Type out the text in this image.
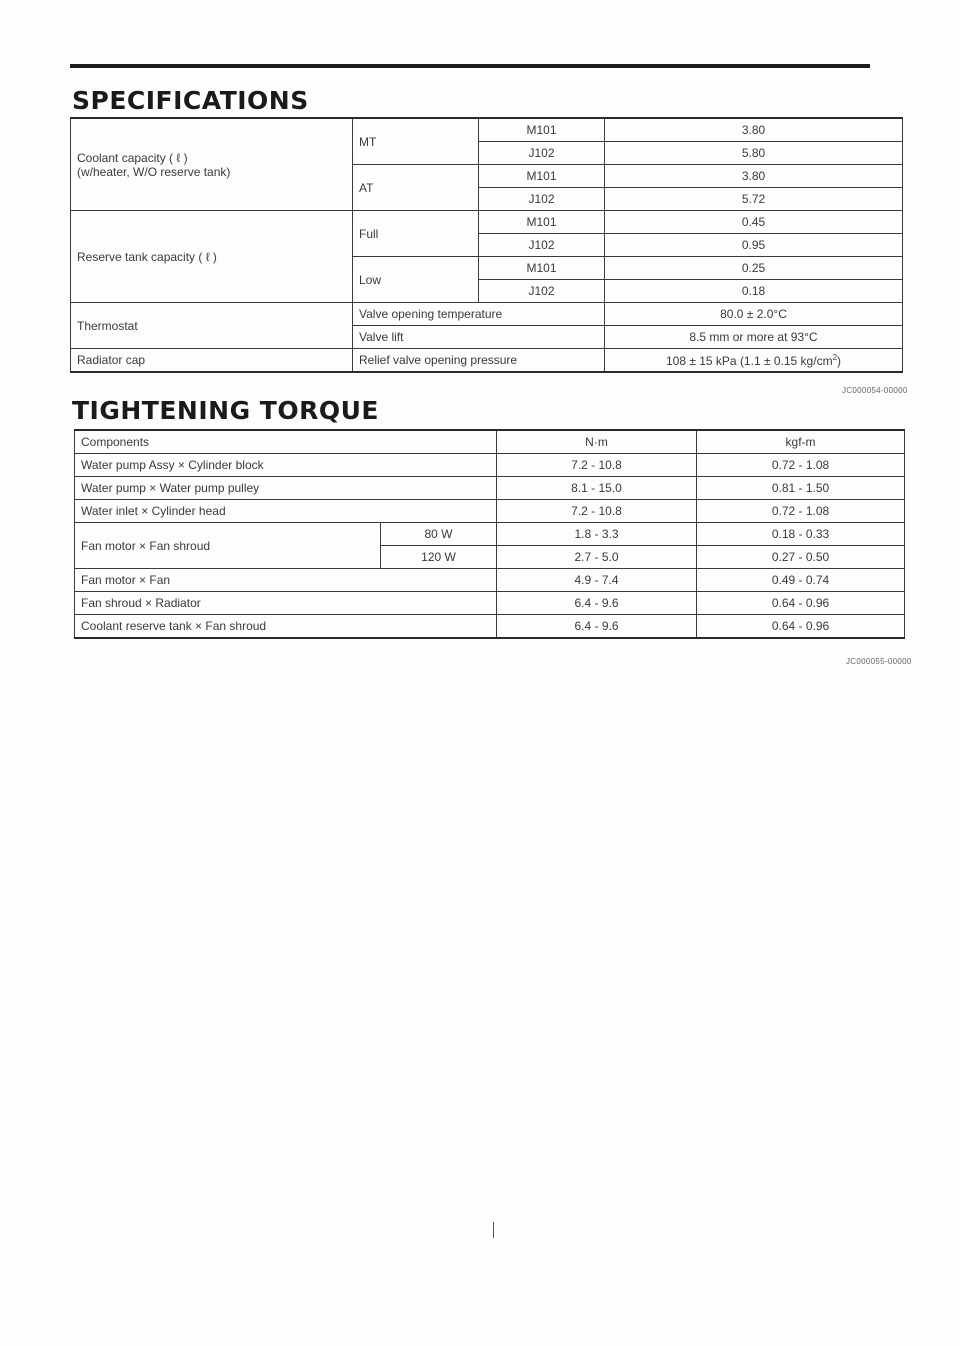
SPECIFICATIONS
Coolant capacity ( ℓ )
(w/heater, W/O reserve tank)	MT	M101	3.80
		J102	5.80
	AT	M101	3.80
		J102	5.72
Reserve tank capacity ( ℓ )	Full	M101	0.45
		J102	0.95
	Low	M101	0.25
		J102	0.18
Thermostat	Valve opening temperature		80.0 ± 2.0°C
	Valve lift		8.5 mm or more at 93°C
Radiator cap	Relief valve opening pressure		108 ± 15 kPa (1.1 ± 0.15 $kg/cm^2$)
JC000054-00000
TIGHTENING TORQUE
Components		N·m	kgf-m
Water pump Assy × Cylinder block		7.2 - 10.8	0.72 - 1.08
Water pump × Water pump pulley		8.1 - 15.0	0.81 - 1.50
Water inlet × Cylinder head		7.2 - 10.8	0.72 - 1.08
Fan motor × Fan shroud	80 W	1.8 - 3.3	0.18 - 0.33
	120 W	2.7 - 5.0	0.27 - 0.50
Fan motor × Fan		4.9 - 7.4	0.49 - 0.74
Fan shroud × Radiator		6.4 - 9.6	0.64 - 0.96
Coolant reserve tank × Fan shroud		6.4 - 9.6	0.64 - 0.96
JC000055-00000
